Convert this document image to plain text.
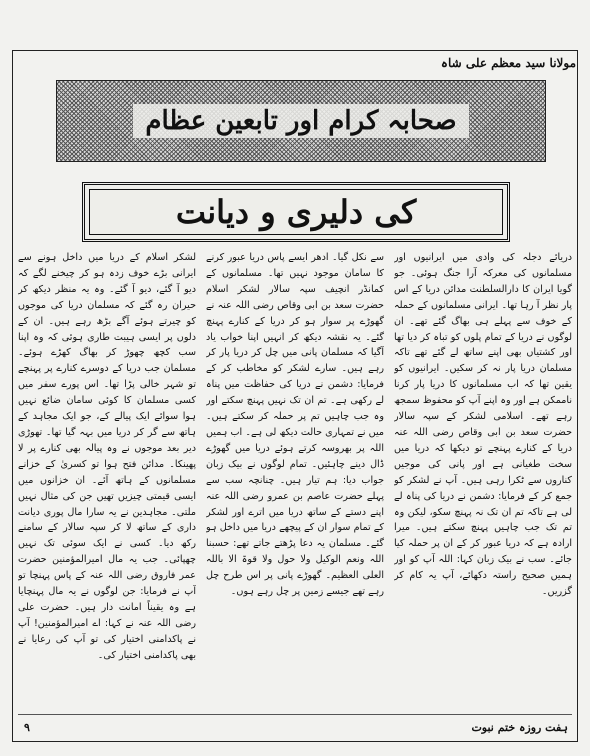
مولانا سید معظم علی شاہ
صحابہ کرام اور تابعین عظام
کی دلیری و دیانت

دریائے دجلہ کی وادی میں ایرانیوں اور مسلمانوں کی معرکہ آرا جنگ ہوئی۔ جو گویا ایران کا دارالسلطنت مدائن دریا کے اس پار نظر آ رہا تھا۔ ایرانی مسلمانوں کے حملہ کے خوف سے پہلے ہی بھاگ گئے تھے۔ ان لوگوں نے دریا کے تمام پلوں کو تباہ کر دیا تھا اور کشتیاں بھی اپنے ساتھ لے گئے تھے تاکہ مسلمان دریا پار نہ کر سکیں۔ ایرانیوں کو یقین تھا کہ اب مسلمانوں کا دریا پار کرنا ناممکن ہے اور وہ اپنے آپ کو محفوظ سمجھ رہے تھے۔ اسلامی لشکر کے سپہ سالار حضرت سعد بن ابی وقاص رضی اللہ عنہ دریا کے کنارے پہنچے تو دیکھا کہ دریا میں سخت طغیانی ہے اور پانی کی موجیں کناروں سے ٹکرا رہی ہیں۔ آپ نے لشکر کو جمع کر کے فرمایا: دشمن نے دریا کی پناہ لے لی ہے تاکہ تم ان تک نہ پہنچ سکو، لیکن وہ تم تک جب چاہیں پہنچ سکتے ہیں۔ میرا ارادہ ہے کہ دریا عبور کر کے ان پر حملہ کیا جائے۔ سب نے بیک زبان کہا: اللہ آپ کو اور ہمیں صحیح راستہ دکھائے، آپ یہ کام کر گزریں۔

سے نکل گیا۔ ادھر ایسے پاس دریا عبور کرنے کا سامان موجود نہیں تھا۔ مسلمانوں کے کمانڈر انچیف سپہ سالار لشکر اسلام حضرت سعد بن ابی وقاص رضی اللہ عنہ نے گھوڑے پر سوار ہو کر دریا کے کنارے پہنچ گئے۔ یہ نقشہ دیکھ کر انہیں اپنا خواب یاد آگیا کہ مسلمان پانی میں چل کر دریا پار کر رہے ہیں۔ سارے لشکر کو مخاطب کر کے فرمایا: دشمن نے دریا کی حفاظت میں پناہ لے رکھی ہے۔ تم ان تک نہیں پہنچ سکتے اور وہ جب چاہیں تم پر حملہ کر سکتے ہیں۔ میں نے تمہاری حالت دیکھ لی ہے۔ اب ہمیں اللہ پر بھروسہ کرتے ہوئے دریا میں گھوڑے ڈال دینے چاہئیں۔ تمام لوگوں نے بیک زبان جواب دیا: ہم تیار ہیں۔ چنانچہ سب سے پہلے حضرت عاصم بن عمرو رضی اللہ عنہ اپنے دستے کے ساتھ دریا میں اترے اور لشکر کے تمام سوار ان کے پیچھے دریا میں داخل ہو گئے۔ مسلمان یہ دعا پڑھتے جاتے تھے: حسبنا اللہ ونعم الوکیل ولا حول ولا قوۃ الا باللہ العلی العظیم۔ گھوڑے پانی پر اس طرح چل رہے تھے جیسے زمین پر چل رہے ہوں۔

لشکر اسلام کے دریا میں داخل ہونے سے ایرانی بڑے خوف زدہ ہو کر چیخنے لگے کہ دیو آ گئے، دیو آ گئے۔ وہ یہ منظر دیکھ کر حیران رہ گئے کہ مسلمان دریا کی موجوں کو چیرتے ہوئے آگے بڑھ رہے ہیں۔ ان کے دلوں پر ایسی ہیبت طاری ہوئی کہ وہ اپنا سب کچھ چھوڑ کر بھاگ کھڑے ہوئے۔ مسلمان جب دریا کے دوسرے کنارے پر پہنچے تو شہر خالی پڑا تھا۔ اس پورے سفر میں کسی مسلمان کا کوئی سامان ضائع نہیں ہوا سوائے ایک پیالے کے، جو ایک مجاہد کے ہاتھ سے گر کر دریا میں بہہ گیا تھا۔ تھوڑی دیر بعد موجوں نے وہ پیالہ بھی کنارے پر لا پھینکا۔ مدائن فتح ہوا تو کسریٰ کے خزانے مسلمانوں کے ہاتھ آئے۔ ان خزانوں میں ایسی قیمتی چیزیں تھیں جن کی مثال نہیں ملتی۔ مجاہدین نے یہ سارا مال پوری دیانت داری کے ساتھ لا کر سپہ سالار کے سامنے رکھ دیا۔ کسی نے ایک سوئی تک نہیں چھپائی۔ جب یہ مال امیرالمؤمنین حضرت عمر فاروق رضی اللہ عنہ کے پاس پہنچا تو آپ نے فرمایا: جن لوگوں نے یہ مال پہنچایا ہے وہ یقیناً امانت دار ہیں۔ حضرت علی رضی اللہ عنہ نے کہا: اے امیرالمؤمنین! آپ نے پاکدامنی اختیار کی تو آپ کی رعایا نے بھی پاکدامنی اختیار کی۔

ہفت روزہ ختم نبوت
۹
